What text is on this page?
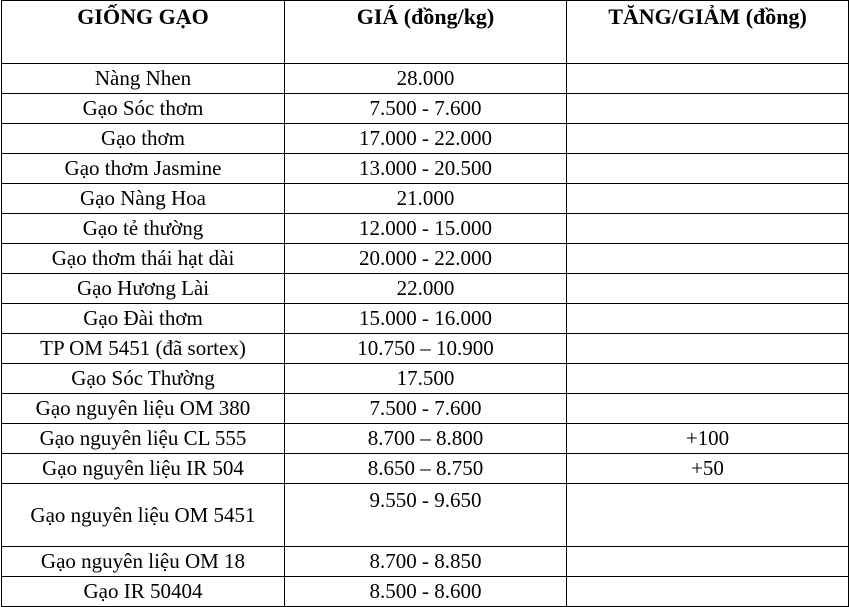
GIỐNG GẠO	GIÁ (đồng/kg)	TĂNG/GIẢM (đồng)
Nàng Nhen	28.000	
Gạo Sóc thơm	7.500 - 7.600	
Gạo thơm	17.000 - 22.000	
Gạo thơm Jasmine	13.000 - 20.500	
Gạo Nàng Hoa	21.000	
Gạo tẻ thường	12.000 - 15.000	
Gạo thơm thái hạt dài	20.000 - 22.000	
Gạo Hương Lài	22.000	
Gạo Đài thơm	15.000 - 16.000	
TP OM 5451 (đã sortex)	10.750 – 10.900	
Gạo Sóc Thường	17.500	
Gạo nguyên liệu OM 380	7.500 - 7.600	
Gạo nguyên liệu CL 555	8.700 – 8.800	+100
Gạo nguyên liệu IR 504	8.650 – 8.750	+50
Gạo nguyên liệu OM 5451	9.550 - 9.650	
Gạo nguyên liệu OM 18	8.700 - 8.850	
Gạo IR 50404	8.500 - 8.600	
